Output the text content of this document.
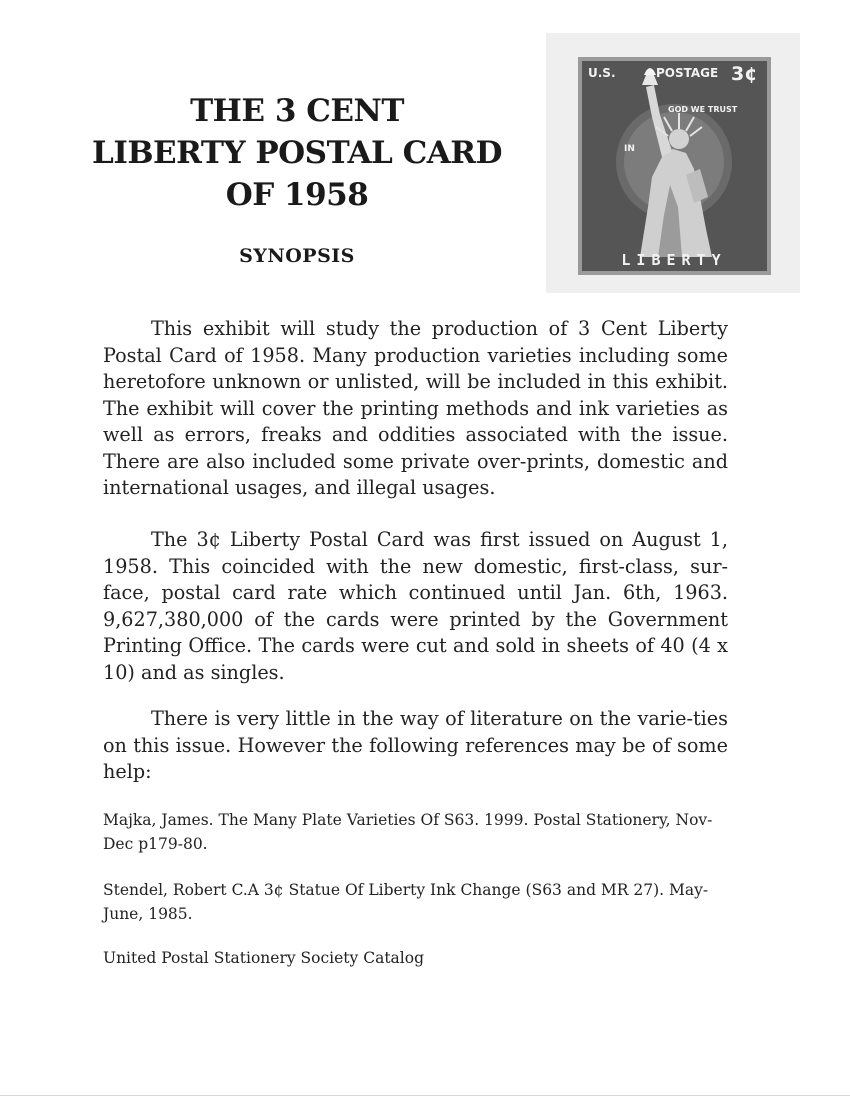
THE 3 CENT
LIBERTY POSTAL CARD
OF 1958
SYNOPSIS
U.S.	POSTAGE 3¢
IN
GOD WE TRUST
LIBERTY

This exhibit will study the production of 3 Cent Liberty Postal Card of 1958. Many production varieties including some heretofore unknown or unlisted, will be included in this exhibit. The exhibit will cover the printing methods and ink varieties as well as errors, freaks and oddities associated with the issue. There are also included some private over-prints, domestic and international usages, and illegal usages.

The 3¢ Liberty Postal Card was first issued on August 1, 1958. This coincided with the new domestic, first-class, sur-face, postal card rate which continued until Jan. 6th, 1963. 9,627,380,000 of the cards were printed by the Government Printing Office. The cards were cut and sold in sheets of 40 (4 x 10) and as singles.

There is very little in the way of literature on the varie-ties on this issue. However the following references may be of some help:

Majka, James. The Many Plate Varieties Of S63. 1999. Postal Stationery, Nov-Dec p179-80.
Stendel, Robert C.A 3¢ Statue Of Liberty Ink Change (S63 and MR 27). May-June, 1985.
United Postal Stationery Society Catalog
